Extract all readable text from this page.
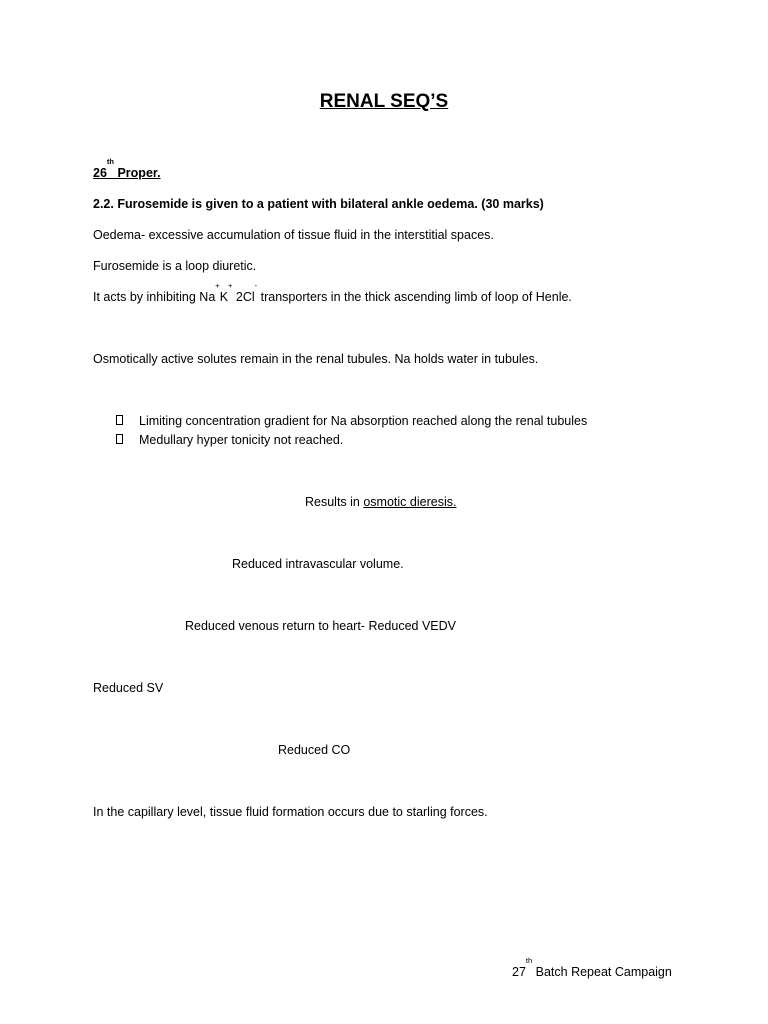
RENAL SEQ’S
26th Proper.
2.2. Furosemide is given to a patient with bilateral ankle oedema. (30 marks)
Oedema- excessive accumulation of tissue fluid in the interstitial spaces.
Furosemide is a loop diuretic.
It acts by inhibiting Na+K+ 2Cl- transporters in the thick ascending limb of loop of Henle.
Osmotically active solutes remain in the renal tubules. Na holds water in tubules.
Limiting concentration gradient for Na absorption reached along the renal tubules
Medullary hyper tonicity not reached.
Results in osmotic dieresis.
Reduced intravascular volume.
Reduced venous return to heart- Reduced VEDV
Reduced SV
Reduced CO
In the capillary level, tissue fluid formation occurs due to starling forces.
27th Batch Repeat Campaign
